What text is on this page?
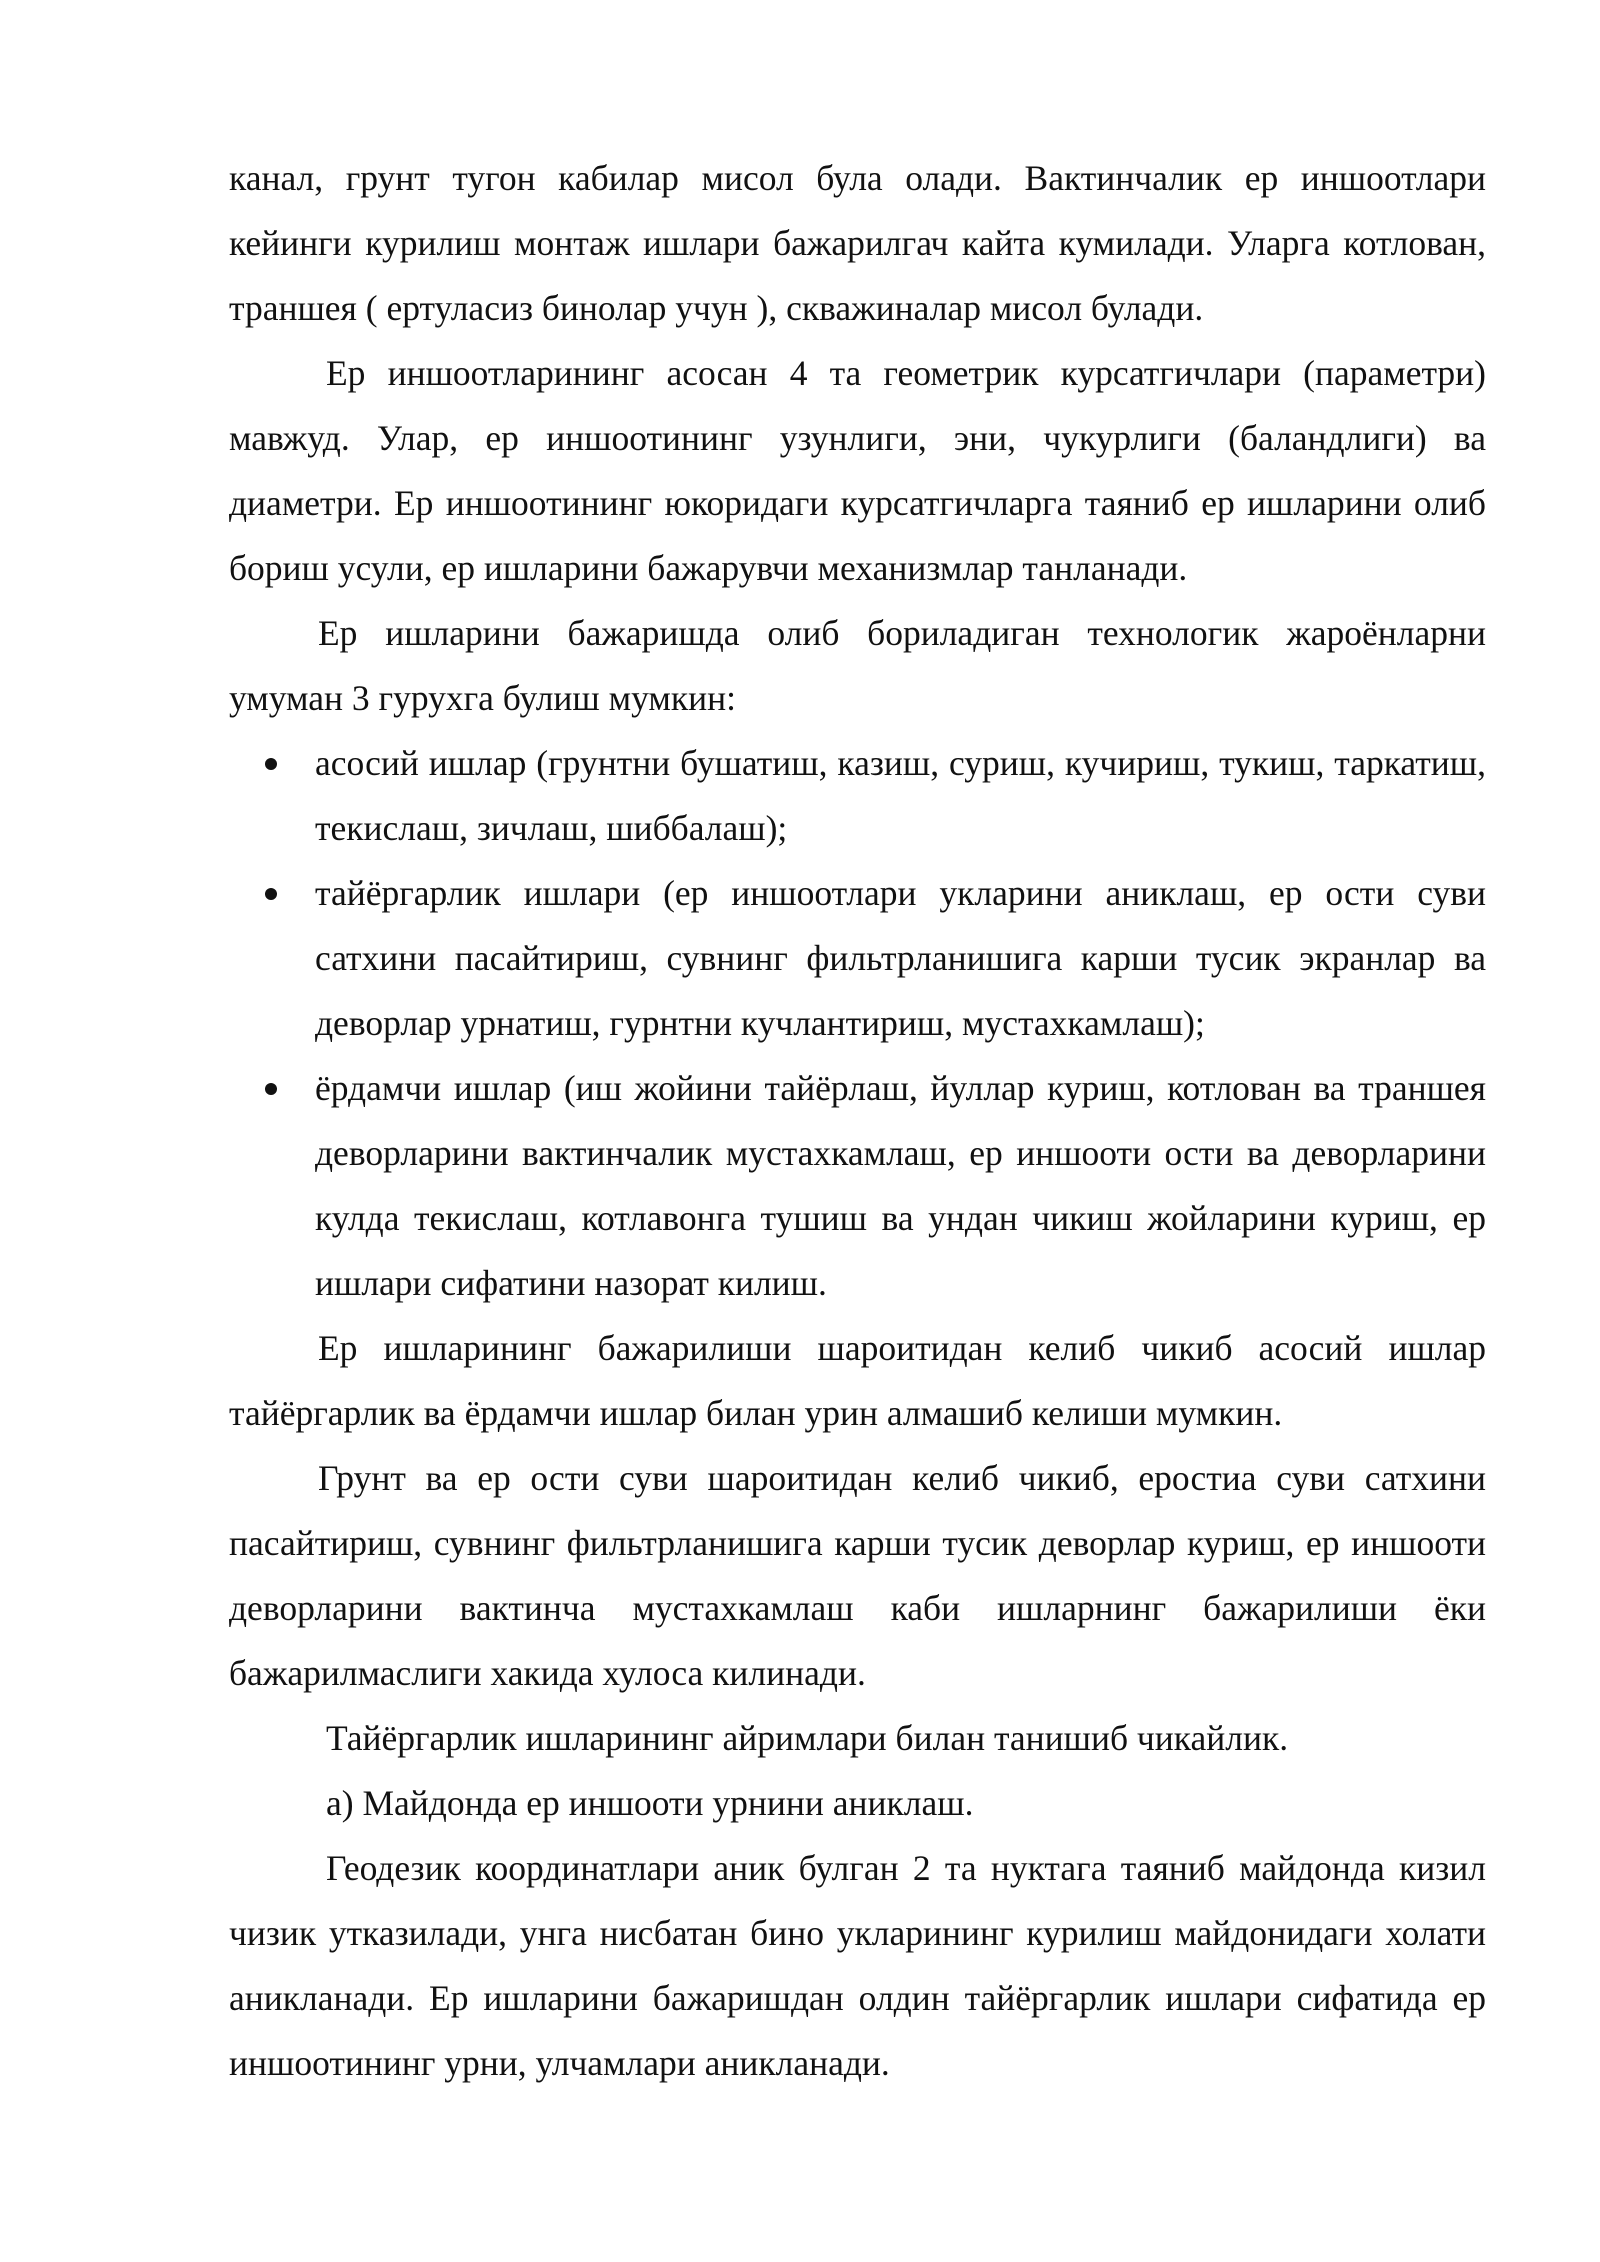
канал, грунт тугон кабилар мисол була олади. Вактинчалик ер иншоотлари кейинги курилиш монтаж ишлари бажарилгач кайта кумилади. Уларга котлован, траншея ( ертуласиз бинолар учун ), скважиналар мисол булади.

Ер иншоотларининг асосан 4 та геометрик курсатгичлари (параметри) мавжуд. Улар, ер иншоотининг узунлиги, эни, чукурлиги (баландлиги) ва диаметри. Ер иншоотининг юкоридаги курсатгичларга таяниб ер ишларини олиб бориш усули, ер ишларини бажарувчи механизмлар танланади.

Ер ишларини бажаришда олиб бориладиган технологик жароёнларни умуман 3 гурухга булиш мумкин:

асосий ишлар (грунтни бушатиш, казиш, суриш, кучириш, тукиш, таркатиш, текислаш, зичлаш, шиббалаш);
тайёргарлик ишлари (ер иншоотлари укларини аниклаш, ер ости суви сатхини пасайтириш, сувнинг фильтрланишига карши тусик экранлар ва деворлар урнатиш, гурнтни кучлантириш, мустахкамлаш);
ёрдамчи ишлар (иш жойини тайёрлаш, йуллар куриш, котлован ва траншея деворларини вактинчалик мустахкамлаш, ер иншооти ости ва деворларини кулда текислаш, котлавонга тушиш ва ундан чикиш жойларини куриш, ер ишлари сифатини назорат килиш.

Ер ишларининг бажарилиши шароитидан келиб чикиб асосий ишлар тайёргарлик ва ёрдамчи ишлар билан урин алмашиб келиши мумкин.

Грунт ва ер ости суви шароитидан келиб чикиб, еростиа суви сатхини пасайтириш, сувнинг фильтрланишига карши тусик деворлар куриш, ер иншооти деворларини вактинча мустахкамлаш каби ишларнинг бажарилиши ёки бажарилмаслиги хакида хулоса килинади.

Тайёргарлик ишларининг айримлари билан танишиб чикайлик.

а) Майдонда ер иншооти урнини аниклаш.

Геодезик координатлари аник булган 2 та нуктага таяниб майдонда кизил чизик утказилади, унга нисбатан бино укларининг курилиш майдонидаги холати аникланади. Ер ишларини бажаришдан олдин тайёргарлик ишлари сифатида ер иншоотининг урни, улчамлари аникланади.
